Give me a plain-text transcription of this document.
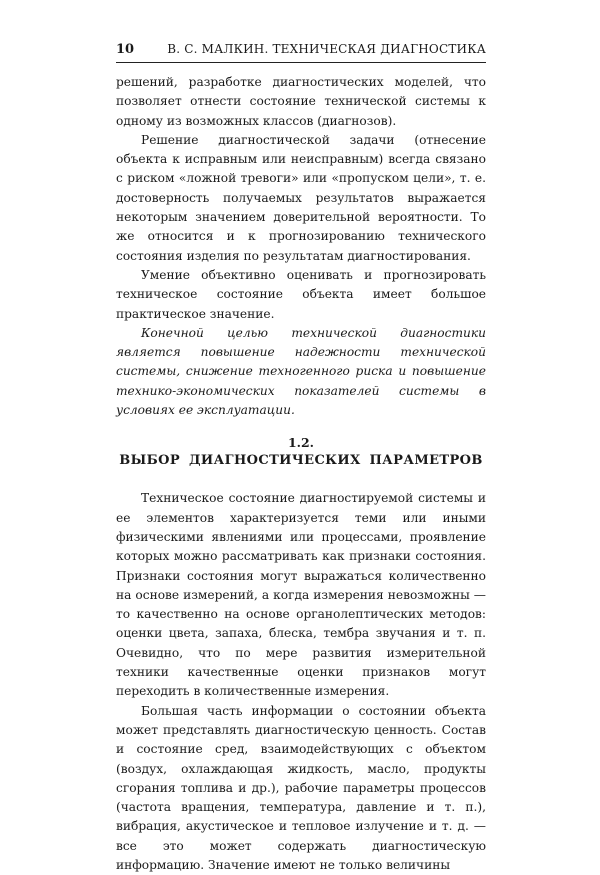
10	В. С. МАЛКИН. ТЕХНИЧЕСКАЯ ДИАГНОСТИКА

решений, разработке диагностических моделей, что позволяет отнести состояние технической системы к одному из возможных классов (диагнозов).

Решение диагностической задачи (отнесение объекта к исправным или неисправным) всегда связано с риском «ложной тревоги» или «пропуском цели», т. е. достоверность получаемых результатов выражается некоторым значением доверительной вероятности. То же относится и к прогнозированию технического состояния изделия по результатам диагностирования.

Умение объективно оценивать и прогнозировать техническое состояние объекта имеет большое практическое значение.

Конечной целью технической диагностики является повышение надежности технической системы, снижение техногенного риска и повышение технико-экономических показателей системы в условиях ее эксплуатации.

1.2.

ВЫБОР ДИАГНОСТИЧЕСКИХ ПАРАМЕТРОВ

Техническое состояние диагностируемой системы и ее элементов характеризуется теми или иными физическими явлениями или процессами, проявление которых можно рассматривать как признаки состояния. Признаки состояния могут выражаться количественно на основе измерений, а когда измерения невозможны — то качественно на основе органолептических методов: оценки цвета, запаха, блеска, тембра звучания и т. п. Очевидно, что по мере развития измерительной техники качественные оценки признаков могут переходить в количественные измерения.

Большая часть информации о состоянии объекта может представлять диагностическую ценность. Состав и состояние сред, взаимодействующих с объектом (воздух, охлаждающая жидкость, масло, продукты сгорания топлива и др.), рабочие параметры процессов (частота вращения, температура, давление и т. п.), вибрация, акустическое и тепловое излучение и т. д. — все это может содержать диагностическую информацию. Значение имеют не только величины
